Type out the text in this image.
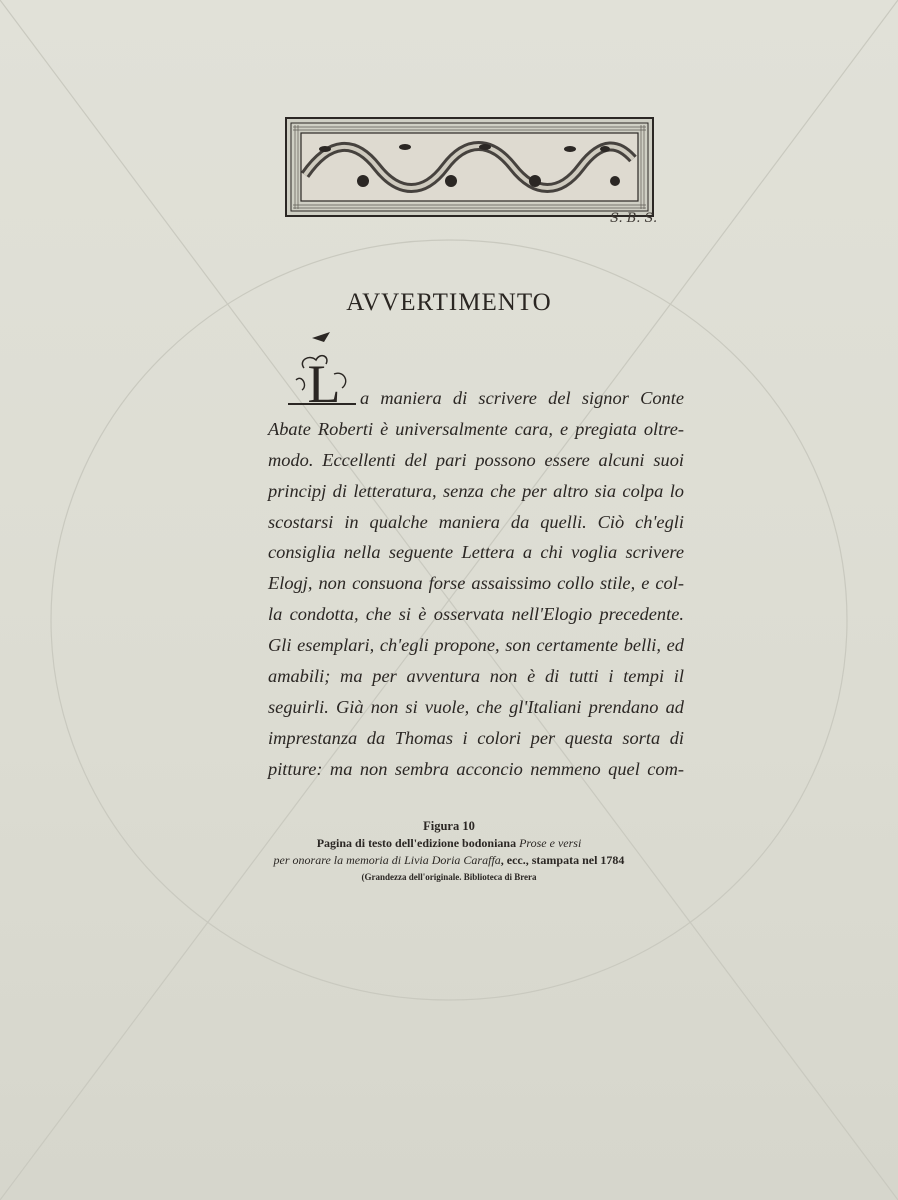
S. B. S.
AVVERTIMENTO
L	a maniera di scrivere del signor Conte
Abate Roberti è universalmente cara, e pregiata oltre-
modo. Eccellenti del pari possono essere alcuni suoi
principj di letteratura, senza che per altro sia colpa lo
scostarsi in qualche maniera da quelli. Ciò ch'egli
consiglia nella seguente Lettera a chi voglia scrivere
Elogj, non consuona forse assaissimo collo stile, e col-
la condotta, che si è osservata nell'Elogio precedente.
Gli esemplari, ch'egli propone, son certamente belli, ed
amabili; ma per avventura non è di tutti i tempi il
seguirli. Già non si vuole, che gl'Italiani prendano ad
imprestanza da Thomas i colori per questa sorta di
pitture: ma non sembra acconcio nemmeno quel com-
Figura 10
Pagina di testo dell'edizione bodoniana Prose e versi
per onorare la memoria di Livia Doria Caraffa, ecc., stampata nel 1784
(Grandezza dell'originale. Biblioteca di Brera
